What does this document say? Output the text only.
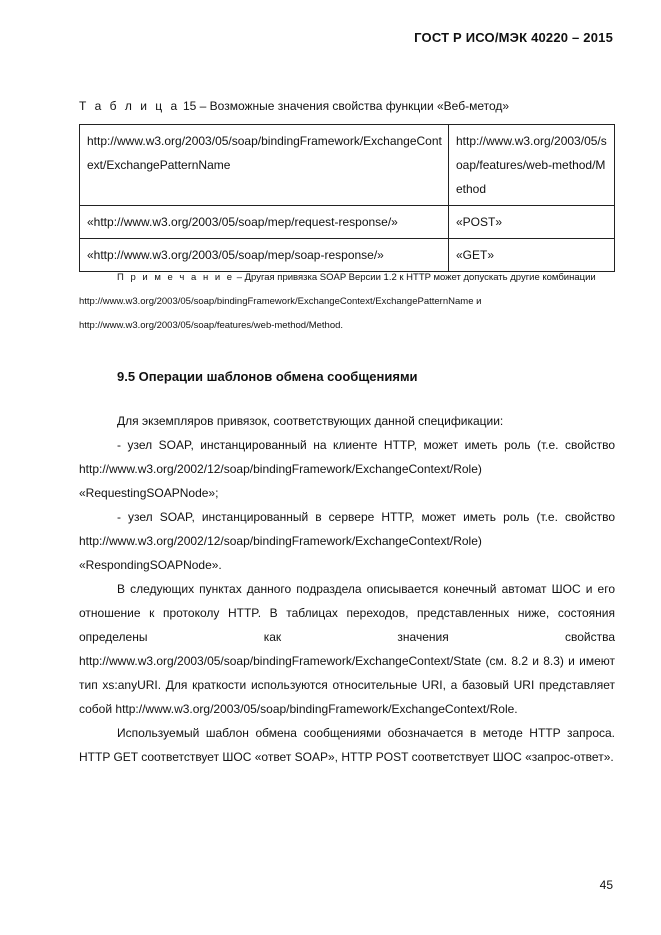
ГОСТ Р ИСО/МЭК 40220 – 2015
Т а б л и ц а 15 – Возможные значения свойства функции «Веб-метод»
http://www.w3.org/2003/05/soap/bindingFramework/ExchangeContext/ExchangePatternName	http://www.w3.org/2003/05/soap/features/web-method/Method
«http://www.w3.org/2003/05/soap/mep/request-response/»	«POST»
«http://www.w3.org/2003/05/soap/mep/soap-response/»	«GET»
П р и м е ч а н и е – Другая привязка SOAP Версии 1.2 к HTTP может допускать другие комбинации http://www.w3.org/2003/05/soap/bindingFramework/ExchangeContext/ExchangePatternName и http://www.w3.org/2003/05/soap/features/web-method/Method.
9.5 Операции шаблонов обмена сообщениями

Для экземпляров привязок, соответствующих данной спецификации:

- узел SOAP, инстанцированный на клиенте HTTP, может иметь роль (т.е. свойство http://www.w3.org/2002/12/soap/bindingFramework/ExchangeContext/Role) «RequestingSOAPNode»;

- узел SOAP, инстанцированный в сервере HTTP, может иметь роль (т.е. свойство http://www.w3.org/2002/12/soap/bindingFramework/ExchangeContext/Role) «RespondingSOAPNode».

В следующих пунктах данного подраздела описывается конечный автомат ШОС и его отношение к протоколу HTTP. В таблицах переходов, представленных ниже, состояния определены как значения свойства http://www.w3.org/2003/05/soap/bindingFramework/ExchangeContext/State (см. 8.2 и 8.3) и имеют тип xs:anyURI. Для краткости используются относительные URI, а базовый URI представляет собой http://www.w3.org/2003/05/soap/bindingFramework/ExchangeContext/Role.

Используемый шаблон обмена сообщениями обозначается в методе HTTP запроса. HTTP GET соответствует ШОС «ответ SOAP», HTTP POST соответствует ШОС «запрос-ответ».

45
